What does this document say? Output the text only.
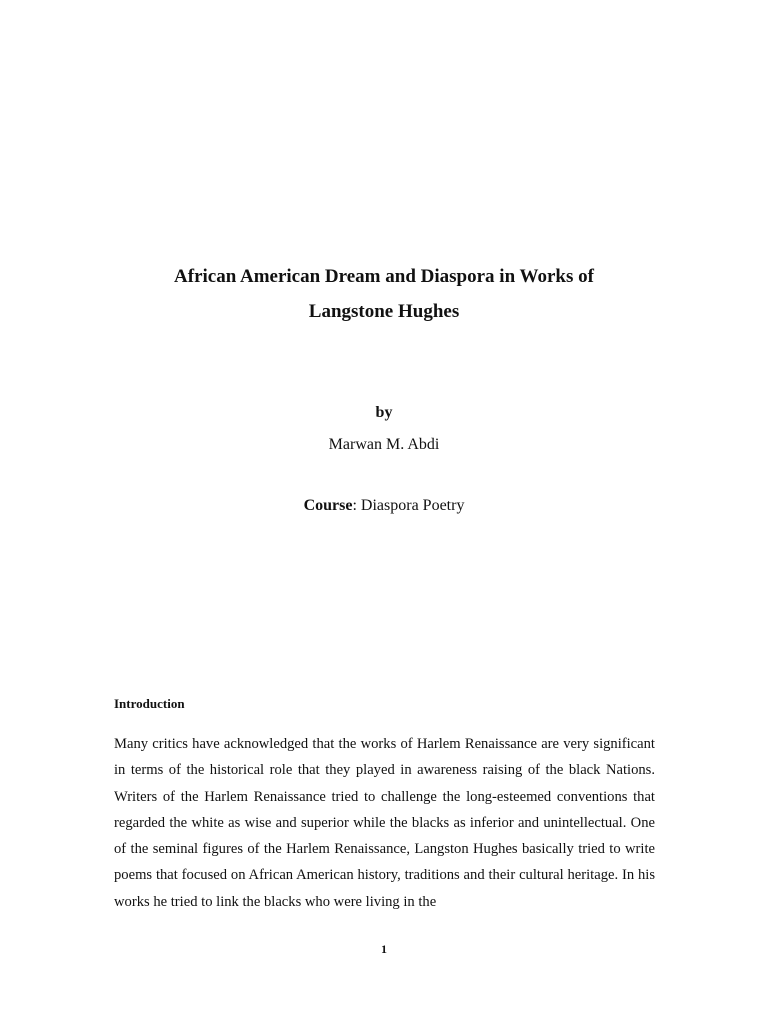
African American Dream and Diaspora in Works of

Langstone Hughes

by

Marwan M. Abdi

Course: Diaspora Poetry

Introduction

Many critics have acknowledged that the works of Harlem Renaissance are very significant in terms of the historical role that they played in awareness raising of the black Nations. Writers of the Harlem Renaissance tried to challenge the long-esteemed conventions that regarded the white as wise and superior while the blacks as inferior and unintellectual. One of the seminal figures of the Harlem Renaissance, Langston Hughes basically tried to write poems that focused on African American history, traditions and their cultural heritage. In his works he tried to link the blacks who were living in the

1
